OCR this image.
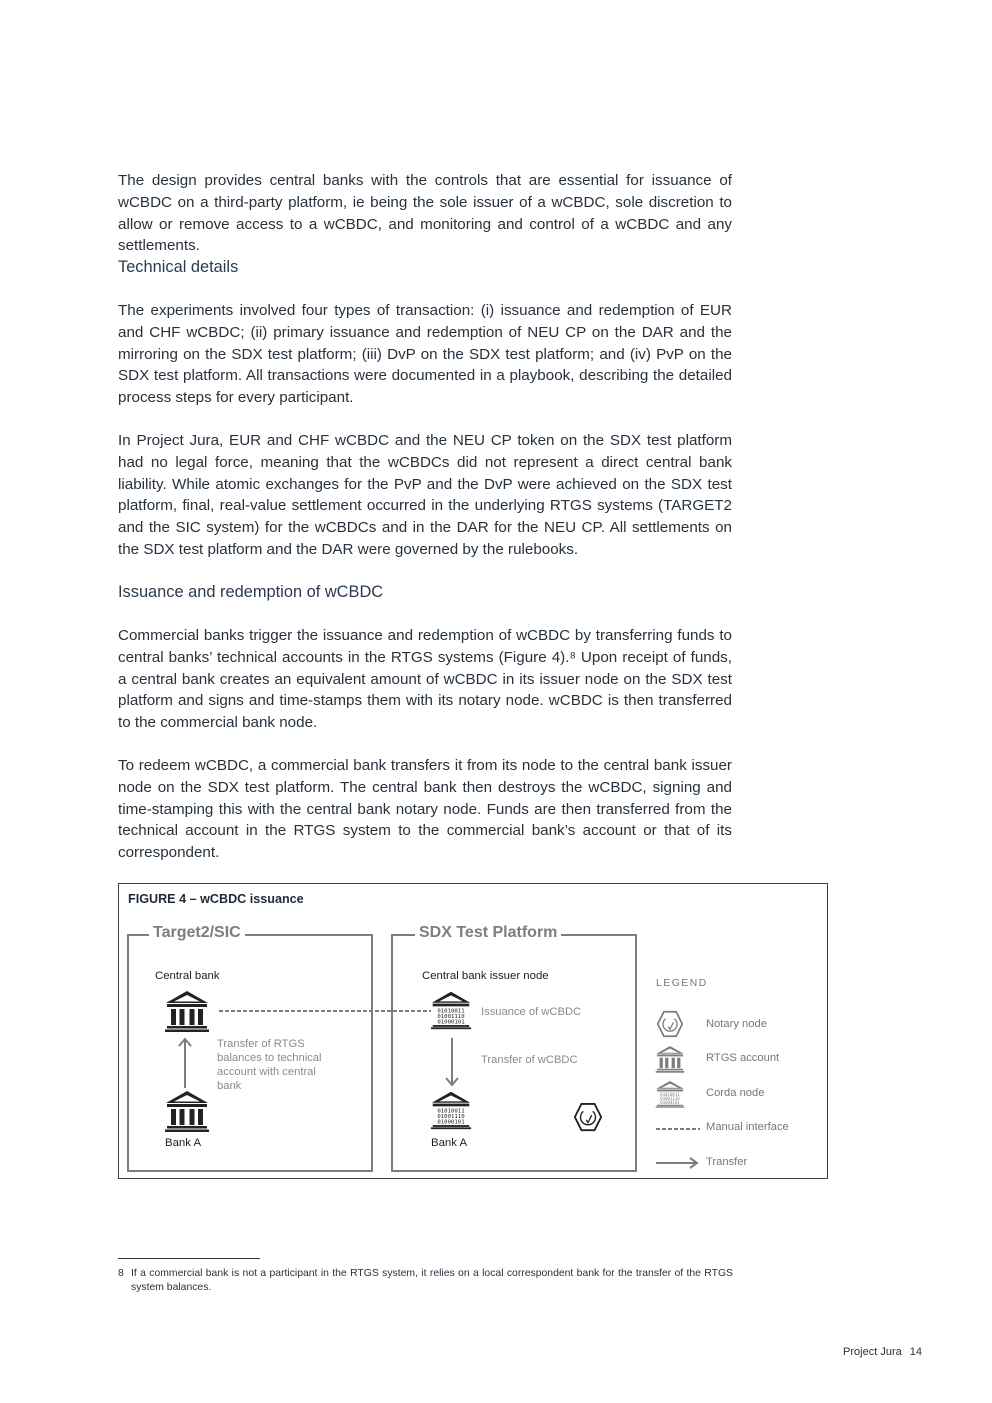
The design provides central banks with the controls that are essential for issuance of wCBDC on a third-party platform, ie being the sole issuer of a wCBDC, sole discretion to allow or remove access to a wCBDC, and monitoring and control of a wCBDC and any settlements.

Technical details

The experiments involved four types of transaction: (i) issuance and redemption of EUR and CHF wCBDC; (ii) primary issuance and redemption of NEU CP on the DAR and the mirroring on the SDX test platform; (iii) DvP on the SDX test platform; and (iv) PvP on the SDX test platform. All transactions were documented in a playbook, describing the detailed process steps for every participant.

In Project Jura, EUR and CHF wCBDC and the NEU CP token on the SDX test platform had no legal force, meaning that the wCBDCs did not represent a direct central bank liability. While atomic exchanges for the PvP and the DvP were achieved on the SDX test platform, final, real-value settlement occurred in the underlying RTGS systems (TARGET2 and the SIC system) for the wCBDCs and in the DAR for the NEU CP. All settlements on the SDX test platform and the DAR were governed by the rulebooks.

Issuance and redemption of wCBDC

Commercial banks trigger the issuance and redemption of wCBDC by transferring funds to central banks’ technical accounts in the RTGS systems (Figure 4).⁸ Upon receipt of funds, a central bank creates an equivalent amount of wCBDC in its issuer node on the SDX test platform and signs and time-stamps them with its notary node. wCBDC is then transferred to the commercial bank node.

To redeem wCBDC, a commercial bank transfers it from its node to the central bank issuer node on the SDX test platform. The central bank then destroys the wCBDC, signing and time-stamping this with the central bank notary node. Funds are then transferred from the technical account in the RTGS system to the commercial bank’s account or that of its correspondent.

FIGURE 4 – wCBDC issuance
Target2/SIC	SDX Test Platform
Central bank
Transfer of RTGS balances to technical account with central bank
Bank A
Central bank issuer node
Issuance of wCBDC
Transfer of wCBDC
Bank A
LEGEND
Notary node
RTGS account
Corda node
Manual interface
Transfer
8 If a commercial bank is not a participant in the RTGS system, it relies on a local correspondent bank for the transfer of the RTGS system balances.
Project Jura 14
